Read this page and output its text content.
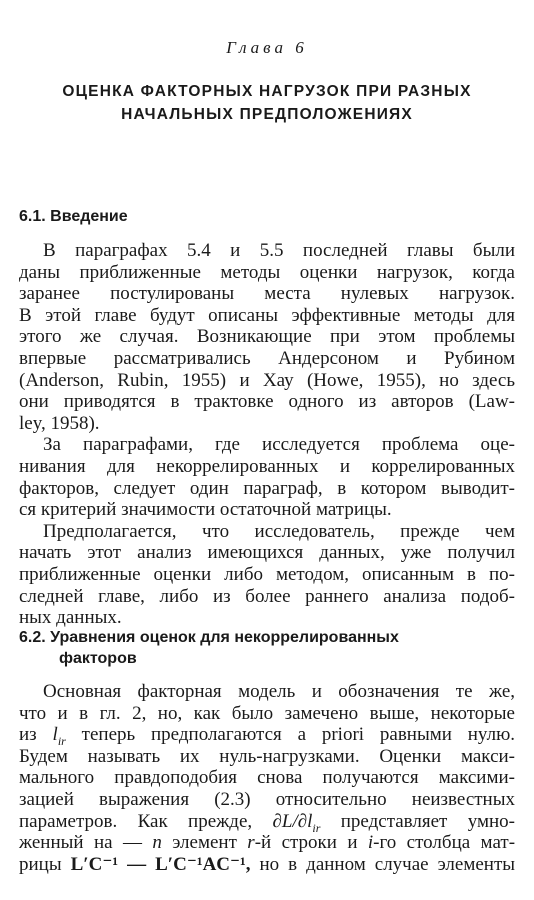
Глава 6
ОЦЕНКА ФАКТОРНЫХ НАГРУЗОК ПРИ РАЗНЫХ
НАЧАЛЬНЫХ ПРЕДПОЛОЖЕНИЯХ
6.1. Введение
В параграфах 5.4 и 5.5 последней главы были
даны приближенные методы оценки нагрузок, когда
заранее постулированы места нулевых нагрузок.
В этой главе будут описаны эффективные методы для
этого же случая. Возникающие при этом проблемы
впервые рассматривались Андерсоном и Рубином
(Anderson, Rubin, 1955) и Хау (Howe, 1955), но здесь
они приводятся в трактовке одного из авторов (Law-
ley, 1958).
За параграфами, где исследуется проблема оце-
нивания для некоррелированных и коррелированных
факторов, следует один параграф, в котором выводит-
ся критерий значимости остаточной матрицы.
Предполагается, что исследователь, прежде чем
начать этот анализ имеющихся данных, уже получил
приближенные оценки либо методом, описанным в по-
следней главе, либо из более раннего анализа подоб-
ных данных.
6.2. Уравнения оценок для некоррелированных
факторов
Основная факторная модель и обозначения те же,
что и в гл. 2, но, как было замечено выше, некоторые
из $l_{ir}$ теперь предполагаются a priori равными нулю.
Будем называть их нуль-нагрузками. Оценки макси-
мального правдоподобия снова получаются максими-
зацией выражения (2.3) относительно неизвестных
параметров. Как прежде, $\partial L/\partial l_{ir}$ представляет умно-
женный на — n элемент r-й строки и i-го столбца мат-
рицы L′C⁻¹ — L′C⁻¹AC⁻¹, но в данном случае элементы
